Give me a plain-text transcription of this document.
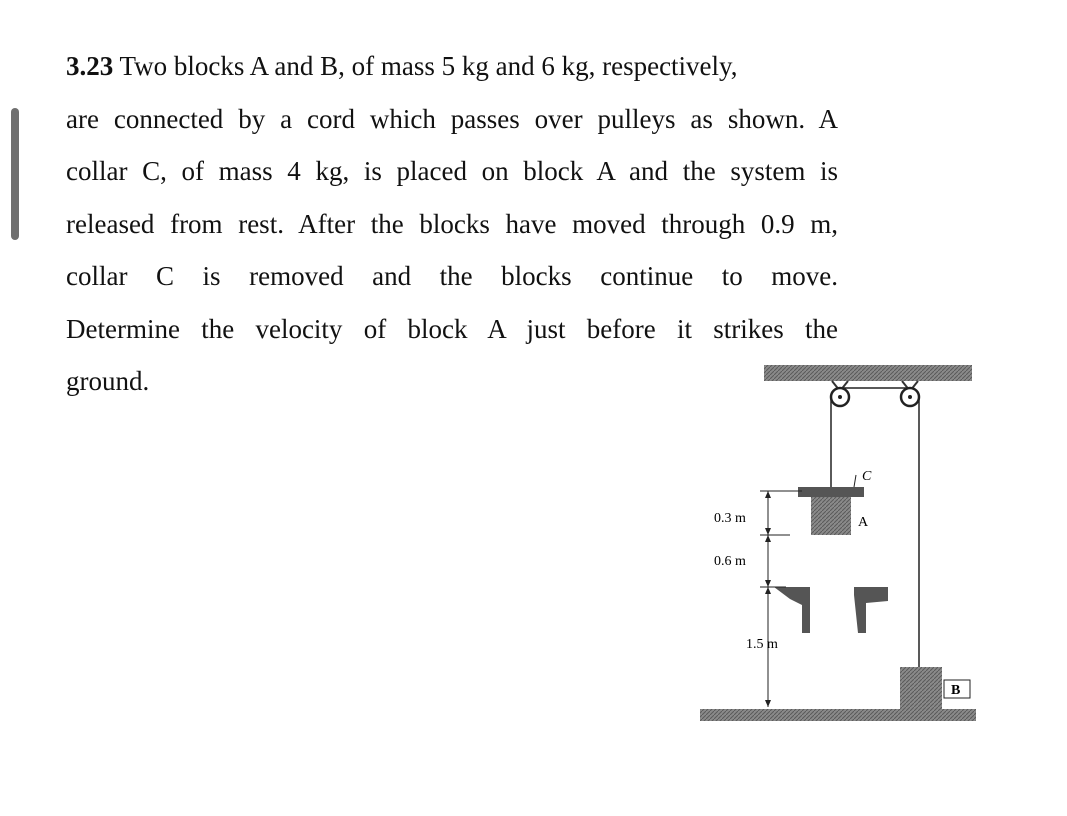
3.23 Two blocks A and B, of mass 5 kg and 6 kg, respectively,
are connected by a cord which passes over pulleys as shown. A
collar C, of mass 4 kg, is placed on block A and the system is
released from rest. After the blocks have moved through 0.9 m,
collar C is removed and the blocks continue to move.
Determine the velocity of block A just before it strikes the
ground.
C
A
0.3 m
0.6 m
1.5 m
B
